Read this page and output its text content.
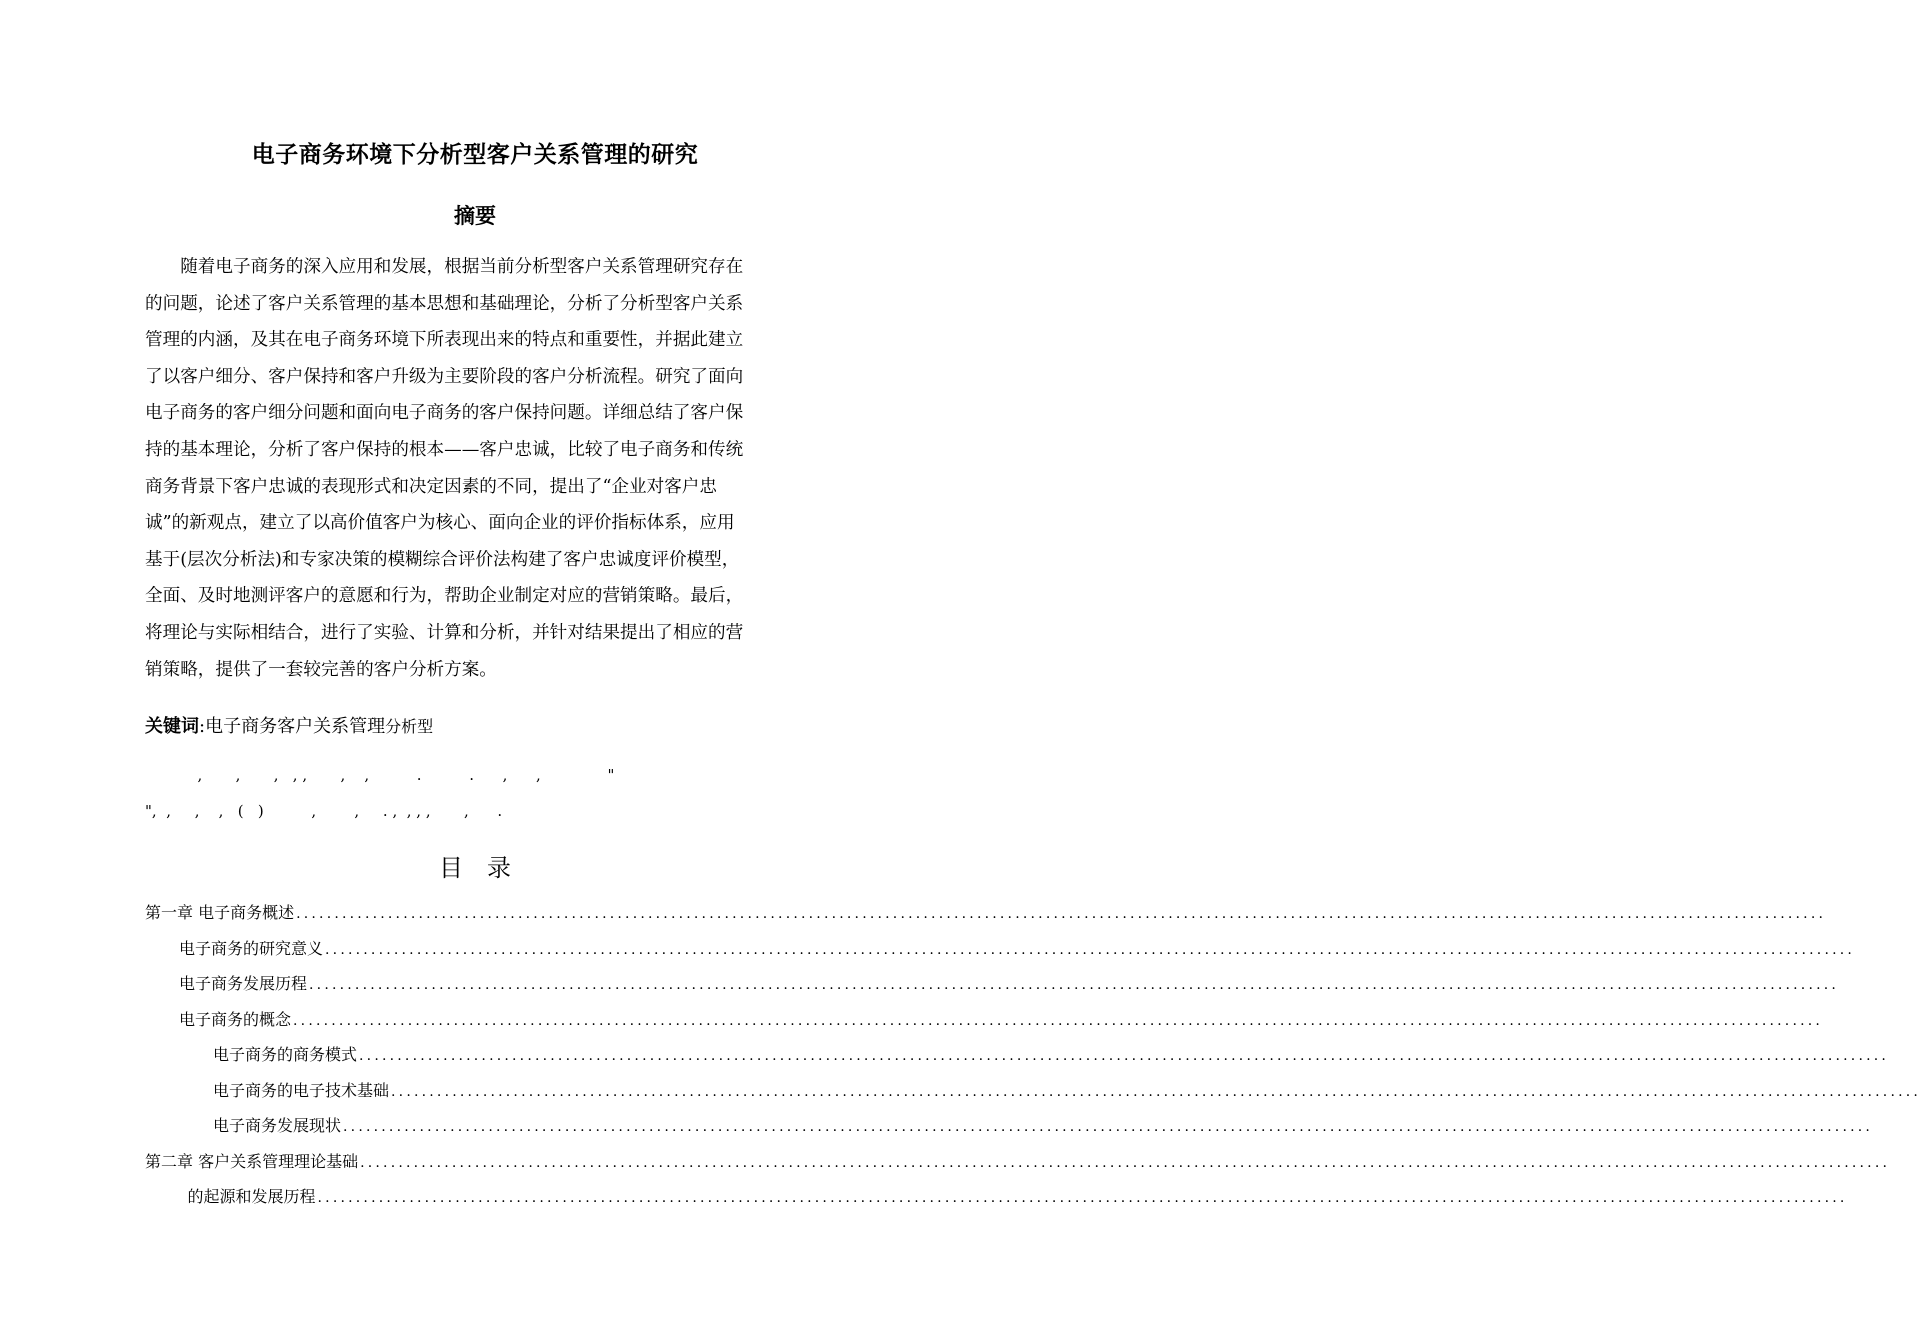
电子商务环境下分析型客户关系管理的研究
摘要
　　随着电子商务的深入应用和发展，根据当前分析型客户关系管理研究存在
的问题，论述了客户关系管理的基本思想和基础理论，分析了分析型客户关系
管理的内涵，及其在电子商务环境下所表现出来的特点和重要性，并据此建立
了以客户细分、客户保持和客户升级为主要阶段的客户分析流程。研究了面向
电子商务的客户细分问题和面向电子商务的客户保持问题。详细总结了客户保
持的基本理论，分析了客户保持的根本——客户忠诚，比较了电子商务和传统
商务背景下客户忠诚的表现形式和决定因素的不同，提出了“企业对客户忠
诚”的新观点，建立了以高价值客户为核心、面向企业的评价指标体系，应用
基于(层次分析法)和专家决策的模糊综合评价法构建了客户忠诚度评价模型，
全面、及时地测评客户的意愿和行为，帮助企业制定对应的营销策略。最后，
将理论与实际相结合，进行了实验、计算和分析，并针对结果提出了相应的营
销策略，提供了一套较完善的客户分析方案。
关键词:电子商务客户关系管理分析型
,       ,       ,   , ,       ,    ,          .          .      ,      ,              "
",  ,     ,    ,   (   )          ,        ,     . ,  , , ,       ,      .
目 录
第一章 电子商务概述 ........................................................................................................................................................................................................
电子商务的研究意义 ........................................................................................................................................................................................................
电子商务发展历程 ........................................................................................................................................................................................................
电子商务的概念 ........................................................................................................................................................................................................
电子商务的商务模式 ........................................................................................................................................................................................................
电子商务的电子技术基础 ........................................................................................................................................................................................................
电子商务发展现状 ........................................................................................................................................................................................................
第二章 客户关系管理理论基础 ........................................................................................................................................................................................................
的起源和发展历程 ........................................................................................................................................................................................................
